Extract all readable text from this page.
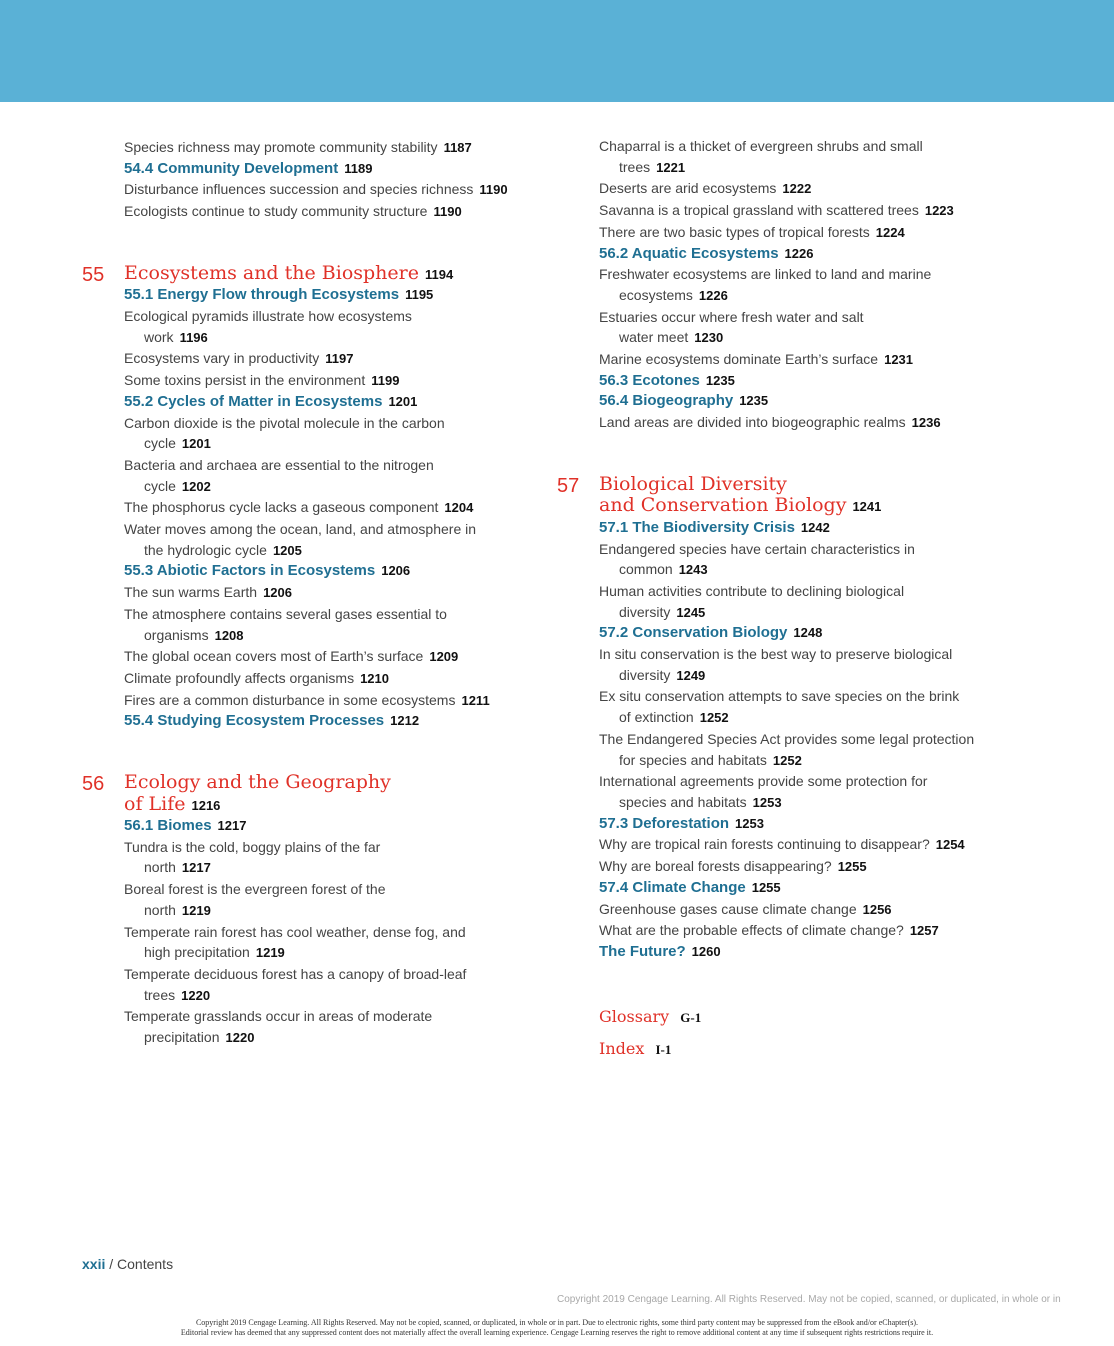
Species richness may promote community stability 1187
54.4 Community Development 1189
Disturbance influences succession and species richness 1190
Ecologists continue to study community structure 1190
55	Ecosystems and the Biosphere 1194
55.1 Energy Flow through Ecosystems 1195
Ecological pyramids illustrate how ecosystems

work 1196
Ecosystems vary in productivity 1197
Some toxins persist in the environment 1199
55.2 Cycles of Matter in Ecosystems 1201
Carbon dioxide is the pivotal molecule in the carbon

cycle 1201
Bacteria and archaea are essential to the nitrogen

cycle 1202
The phosphorus cycle lacks a gaseous component 1204
Water moves among the ocean, land, and atmosphere in

the hydrologic cycle 1205
55.3 Abiotic Factors in Ecosystems 1206
The sun warms Earth 1206
The atmosphere contains several gases essential to

organisms 1208
The global ocean covers most of Earth’s surface 1209
Climate profoundly affects organisms 1210
Fires are a common disturbance in some ecosystems 1211
55.4 Studying Ecosystem Processes 1212
56	Ecology and the Geography
of Life 1216
56.1 Biomes 1217
Tundra is the cold, boggy plains of the far

north 1217
Boreal forest is the evergreen forest of the

north 1219
Temperate rain forest has cool weather, dense fog, and

high precipitation 1219
Temperate deciduous forest has a canopy of broad-leaf

trees 1220
Temperate grasslands occur in areas of moderate

precipitation 1220
Chaparral is a thicket of evergreen shrubs and small

trees 1221
Deserts are arid ecosystems 1222
Savanna is a tropical grassland with scattered trees 1223
There are two basic types of tropical forests 1224
56.2 Aquatic Ecosystems 1226
Freshwater ecosystems are linked to land and marine

ecosystems 1226
Estuaries occur where fresh water and salt

water meet 1230
Marine ecosystems dominate Earth’s surface 1231
56.3 Ecotones 1235
56.4 Biogeography 1235
Land areas are divided into biogeographic realms 1236
57	Biological Diversity
and Conservation Biology 1241
57.1 The Biodiversity Crisis 1242
Endangered species have certain characteristics in

common 1243
Human activities contribute to declining biological

diversity 1245
57.2 Conservation Biology 1248
In situ conservation is the best way to preserve biological

diversity 1249
Ex situ conservation attempts to save species on the brink

of extinction 1252
The Endangered Species Act provides some legal protection

for species and habitats 1252
International agreements provide some protection for

species and habitats 1253
57.3 Deforestation 1253
Why are tropical rain forests continuing to disappear? 1254
Why are boreal forests disappearing? 1255
57.4 Climate Change 1255
Greenhouse gases cause climate change 1256
What are the probable effects of climate change? 1257
The Future? 1260
Glossary G-1
Index I-1
xxii / Contents
Copyright 2019 Cengage Learning. All Rights Reserved. May not be copied, scanned, or duplicated, in whole or in
Copyright 2019 Cengage Learning. All Rights Reserved. May not be copied, scanned, or duplicated, in whole or in part. Due to electronic rights, some third party content may be suppressed from the eBook and/or eChapter(s).
Editorial review has deemed that any suppressed content does not materially affect the overall learning experience. Cengage Learning reserves the right to remove additional content at any time if subsequent rights restrictions require it.
